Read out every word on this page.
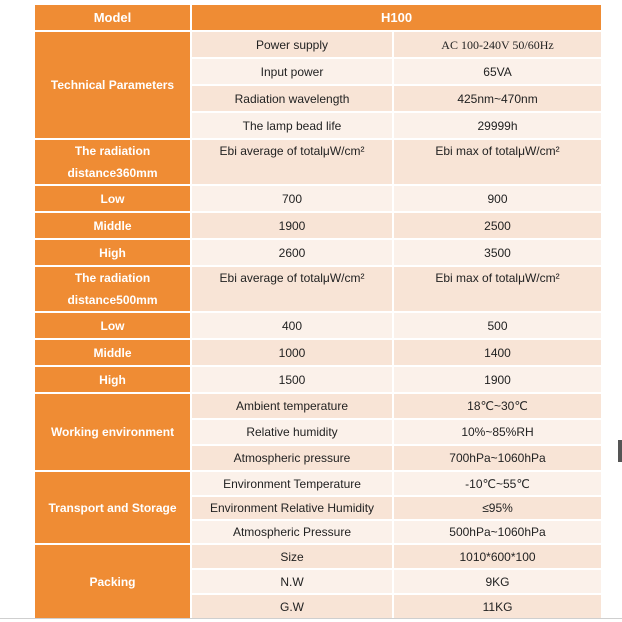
Model	H100	
Technical Parameters	Power supply	AC 100-240V 50/60Hz
	Input power	65VA
	Radiation wavelength	425nm~470nm
	The lamp bead life	29999h
The radiation distance360mm	Ebi average of totalμW/cm²	Ebi max of totalμW/cm²
Low	700	900
Middle	1900	2500
High	2600	3500
The radiation distance500mm	Ebi average of totalμW/cm²	Ebi max of totalμW/cm²
Low	400	500
Middle	1000	1400
High	1500	1900
Working environment	Ambient temperature	18℃~30℃
	Relative humidity	10%~85%RH
	Atmospheric pressure	700hPa~1060hPa
Transport and Storage	Environment Temperature	-10℃~55℃
	Environment Relative Humidity	≤95%
	Atmospheric Pressure	500hPa~1060hPa
Packing	Size	1010*600*100
	N.W	9KG
	G.W	11KG
